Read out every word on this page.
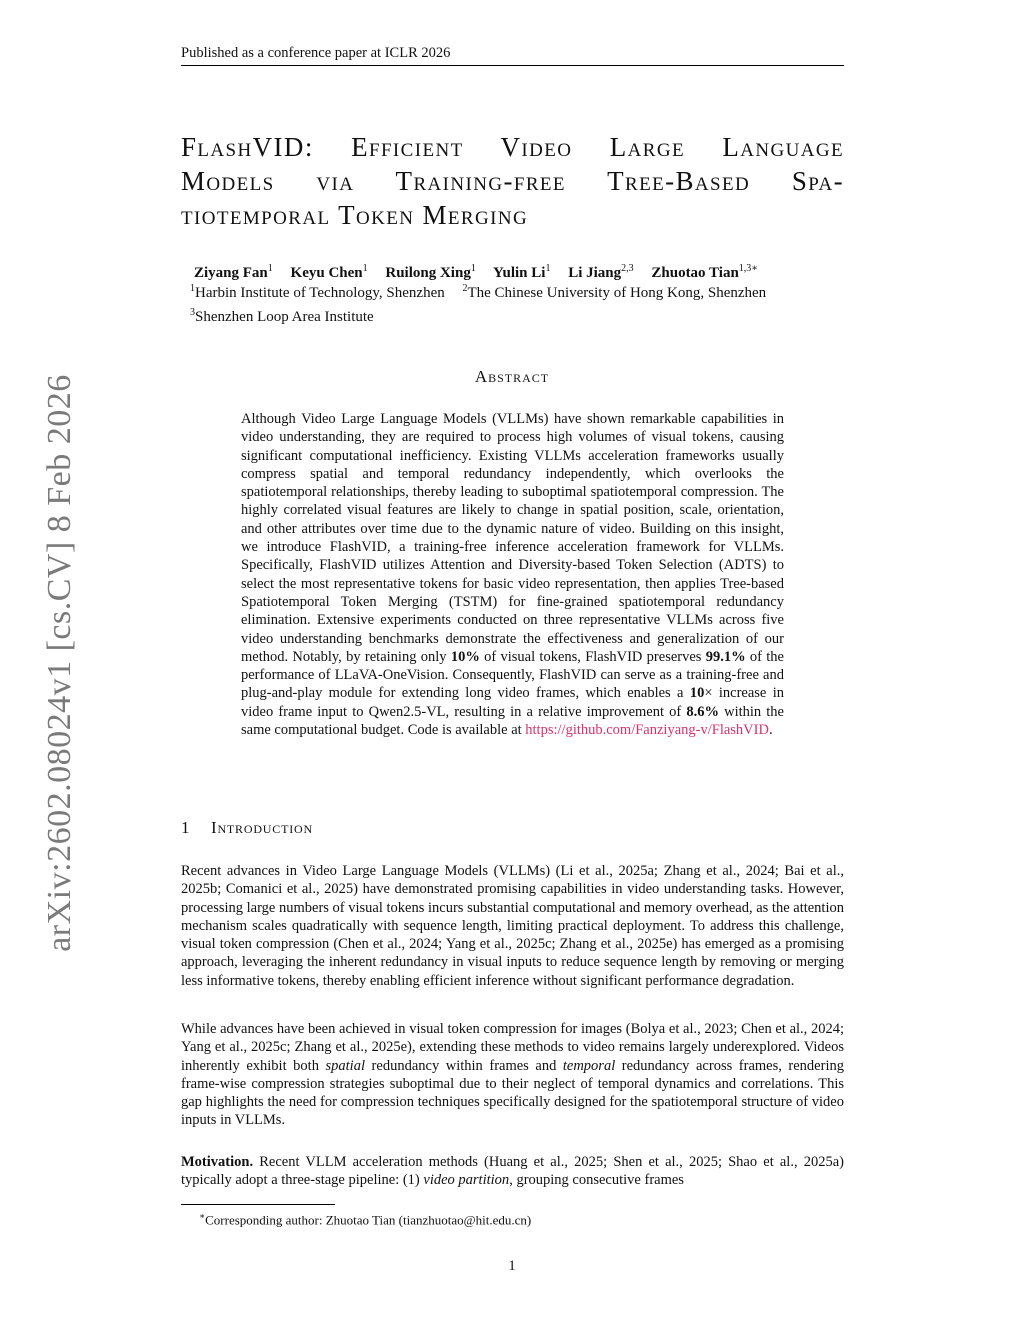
Published as a conference paper at ICLR 2026
FlashVID: Efficient Video Large Language
Models via Training-free Tree-Based Spa-
tiotemporal Token Merging
Ziyang Fan$^1$ Keyu Chen$^1$ Ruilong Xing$^1$ Yulin Li$^1$ Li Jiang$^{2,3}$ Zhuotao Tian$^{1,3∗}$
$^1$Harbin Institute of Technology, Shenzhen $^2$The Chinese University of Hong Kong, Shenzhen
$^3$Shenzhen Loop Area Institute
Abstract
Although Video Large Language Models (VLLMs) have shown remarkable capabilities in video understanding, they are required to process high volumes of visual tokens, causing significant computational inefficiency. Existing VLLMs acceleration frameworks usually compress spatial and temporal redundancy independently, which overlooks the spatiotemporal relationships, thereby leading to suboptimal spatiotemporal compression. The highly correlated visual features are likely to change in spatial position, scale, orientation, and other attributes over time due to the dynamic nature of video. Building on this insight, we introduce FlashVID, a training-free inference acceleration framework for VLLMs. Specifically, FlashVID utilizes Attention and Diversity-based Token Selection (ADTS) to select the most representative tokens for basic video representation, then applies Tree-based Spatiotemporal Token Merging (TSTM) for fine-grained spatiotemporal redundancy elimination. Extensive experiments conducted on three representative VLLMs across five video understanding benchmarks demonstrate the effectiveness and generalization of our method. Notably, by retaining only 10% of visual tokens, FlashVID preserves 99.1% of the performance of LLaVA-OneVision. Consequently, FlashVID can serve as a training-free and plug-and-play module for extending long video frames, which enables a 10× increase in video frame input to Qwen2.5-VL, resulting in a relative improvement of 8.6% within the same computational budget. Code is available at https://github.com/Fanziyang-v/FlashVID.
1 Introduction
Recent advances in Video Large Language Models (VLLMs) (Li et al., 2025a; Zhang et al., 2024; Bai et al., 2025b; Comanici et al., 2025) have demonstrated promising capabilities in video understanding tasks. However, processing large numbers of visual tokens incurs substantial computational and memory overhead, as the attention mechanism scales quadratically with sequence length, limiting practical deployment. To address this challenge, visual token compression (Chen et al., 2024; Yang et al., 2025c; Zhang et al., 2025e) has emerged as a promising approach, leveraging the inherent redundancy in visual inputs to reduce sequence length by removing or merging less informative tokens, thereby enabling efficient inference without significant performance degradation.
While advances have been achieved in visual token compression for images (Bolya et al., 2023; Chen et al., 2024; Yang et al., 2025c; Zhang et al., 2025e), extending these methods to video remains largely underexplored. Videos inherently exhibit both spatial redundancy within frames and temporal redundancy across frames, rendering frame-wise compression strategies suboptimal due to their neglect of temporal dynamics and correlations. This gap highlights the need for compression techniques specifically designed for the spatiotemporal structure of video inputs in VLLMs.
Motivation. Recent VLLM acceleration methods (Huang et al., 2025; Shen et al., 2025; Shao et al., 2025a) typically adopt a three-stage pipeline: (1) video partition, grouping consecutive frames
∗Corresponding author: Zhuotao Tian (tianzhuotao@hit.edu.cn)
1
arXiv:2602.08024v1 [cs.CV] 8 Feb 2026
